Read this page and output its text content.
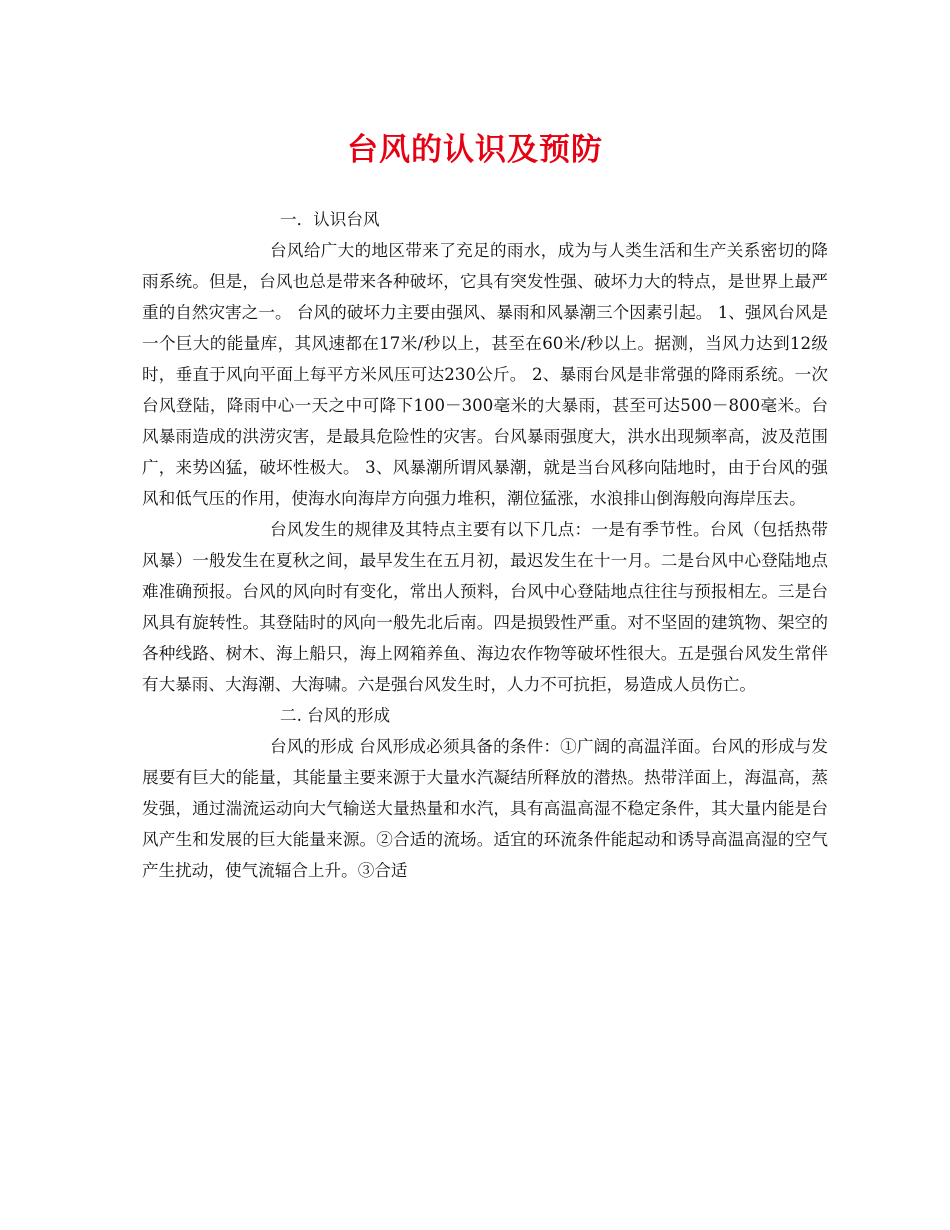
台风的认识及预防

一．认识台风

台风给广大的地区带来了充足的雨水，成为与人类生活和生产关系密切的降雨系统。但是，台风也总是带来各种破坏，它具有突发性强、破坏力大的特点，是世界上最严重的自然灾害之一。 台风的破坏力主要由强风、暴雨和风暴潮三个因素引起。 1、强风台风是一个巨大的能量库，其风速都在17米/秒以上，甚至在60米/秒以上。据测，当风力达到12级时，垂直于风向平面上每平方米风压可达230公斤。 2、暴雨台风是非常强的降雨系统。一次台风登陆，降雨中心一天之中可降下100－300毫米的大暴雨，甚至可达500－800毫米。台风暴雨造成的洪涝灾害，是最具危险性的灾害。台风暴雨强度大，洪水出现频率高，波及范围广，来势凶猛，破坏性极大。 3、风暴潮所谓风暴潮，就是当台风移向陆地时，由于台风的强风和低气压的作用，使海水向海岸方向强力堆积，潮位猛涨，水浪排山倒海般向海岸压去。

台风发生的规律及其特点主要有以下几点：一是有季节性。台风（包括热带风暴）一般发生在夏秋之间，最早发生在五月初，最迟发生在十一月。二是台风中心登陆地点难准确预报。台风的风向时有变化，常出人预料，台风中心登陆地点往往与预报相左。三是台风具有旋转性。其登陆时的风向一般先北后南。四是损毁性严重。对不坚固的建筑物、架空的各种线路、树木、海上船只，海上网箱养鱼、海边农作物等破坏性很大。五是强台风发生常伴有大暴雨、大海潮、大海啸。六是强台风发生时，人力不可抗拒，易造成人员伤亡。

二. 台风的形成

台风的形成 台风形成必须具备的条件：①广阔的高温洋面。台风的形成与发展要有巨大的能量，其能量主要来源于大量水汽凝结所释放的潜热。热带洋面上，海温高，蒸发强，通过湍流运动向大气输送大量热量和水汽，具有高温高湿不稳定条件，其大量内能是台风产生和发展的巨大能量来源。②合适的流场。适宜的环流条件能起动和诱导高温高湿的空气产生扰动，使气流辐合上升。③合适
